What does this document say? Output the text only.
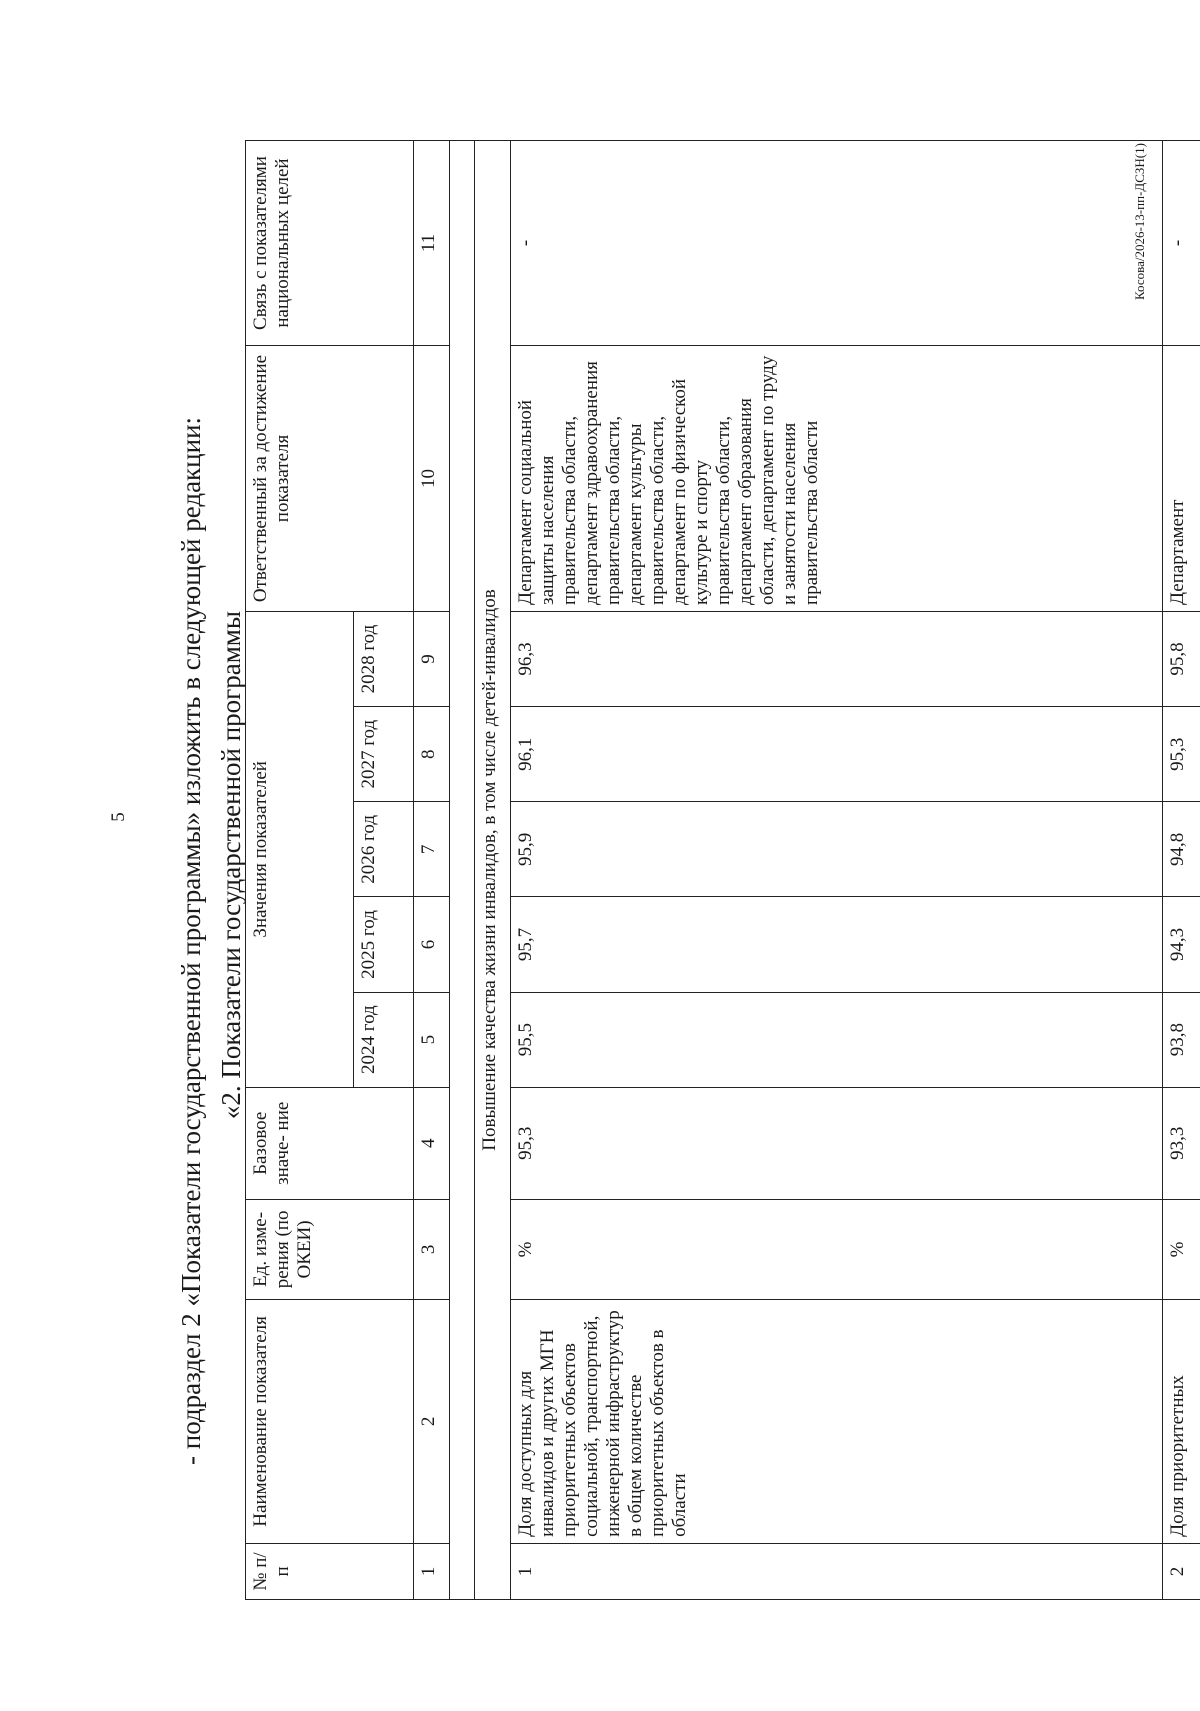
5 - подраздел 2 «Показатели государственной программы» изложить в следующей редакции: «2. Показатели государственной программы
№ п/п	Наименование показателя	Ед. изме- рения (по ОКЕИ)	Базовое значе- ние	Значения показателей					Ответственный за достижение показателя	Связь с показателями национальных целей
				2024 год	2025 год	2026 год	2027 год	2028 год		
1	2	3	4	5	6	7	8	9	10	11

Повышение качества жизни инвалидов, в том числе детей-инвалидов										
1	Доля доступных для инвалидов и других МГН приоритетных объектов социальной, транспортной, инженерной инфраструктур в общем количестве приоритетных объектов в области	%	95,3	95,5	95,7	95,9	96,1	96,3	Департамент социальной защиты населения правительства области, департамент здравоохранения правительства области, департамент культуры правительства области, департамент по физической культуре и спорту правительства области, департамент образования области, департамент по труду и занятости населения правительства области	-
2	Доля приоритетных	%	93,3	93,8	94,3	94,8	95,3	95,8	Департамент	-
Косова/2026-13-пп-ДСЗН(1)
